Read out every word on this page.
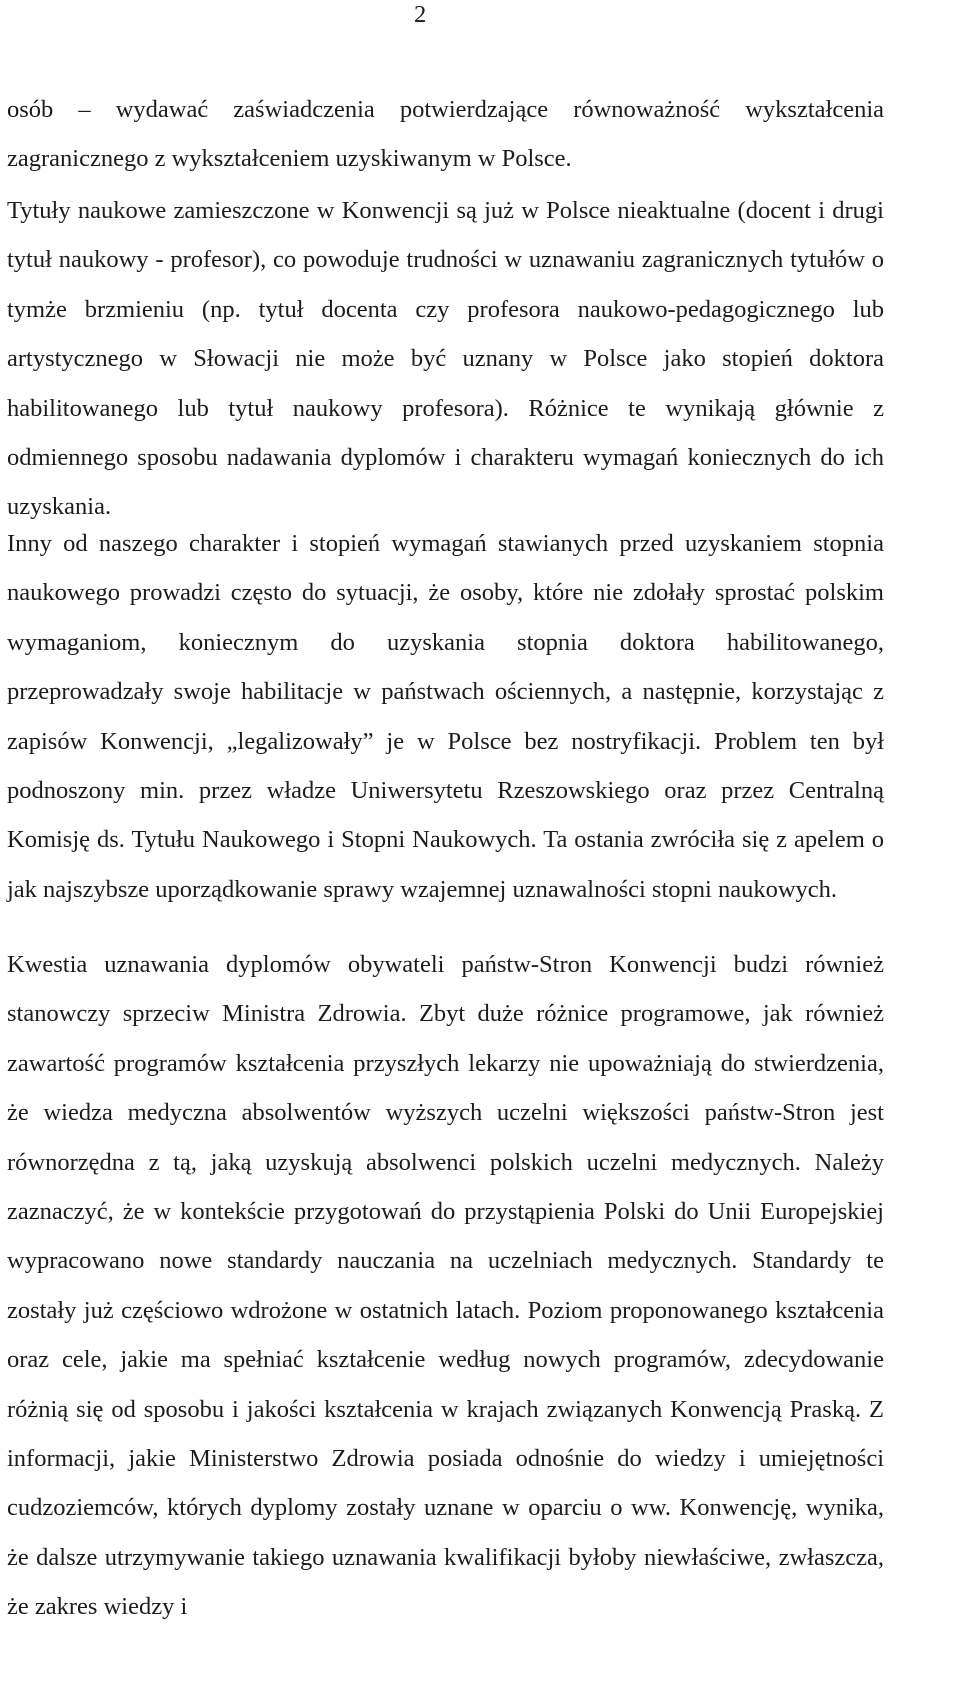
2

osób – wydawać zaświadczenia potwierdzające równoważność wykształcenia zagranicznego z wykształceniem uzyskiwanym w Polsce.

Tytuły naukowe zamieszczone w Konwencji są już w Polsce nieaktualne (docent i drugi tytuł naukowy - profesor), co powoduje trudności w uznawaniu zagranicznych tytułów o tymże brzmieniu (np. tytuł docenta czy profesora naukowo-pedagogicznego lub artystycznego w Słowacji nie może być uznany w Polsce jako stopień doktora habilitowanego lub tytuł naukowy profesora). Różnice te wynikają głównie z odmiennego sposobu nadawania dyplomów i charakteru wymagań koniecznych do ich uzyskania.

Inny od naszego charakter i stopień wymagań stawianych przed uzyskaniem stopnia naukowego prowadzi często do sytuacji, że osoby, które nie zdołały sprostać polskim wymaganiom, koniecznym do uzyskania stopnia doktora habilitowanego, przeprowadzały swoje habilitacje w państwach ościennych, a następnie, korzystając z zapisów Konwencji, „legalizowały” je w Polsce bez nostryfikacji. Problem ten był podnoszony min. przez władze Uniwersytetu Rzeszowskiego oraz przez Centralną Komisję ds. Tytułu Naukowego i Stopni Naukowych. Ta ostania zwróciła się z apelem o jak najszybsze uporządkowanie sprawy wzajemnej uznawalności stopni naukowych.

Kwestia uznawania dyplomów obywateli państw-Stron Konwencji budzi również stanowczy sprzeciw Ministra Zdrowia. Zbyt duże różnice programowe, jak również zawartość programów kształcenia przyszłych lekarzy nie upoważniają do stwierdzenia, że wiedza medyczna absolwentów wyższych uczelni większości państw-Stron jest równorzędna z tą, jaką uzyskują absolwenci polskich uczelni medycznych. Należy zaznaczyć, że w kontekście przygotowań do przystąpienia Polski do Unii Europejskiej wypracowano nowe standardy nauczania na uczelniach medycznych. Standardy te zostały już częściowo wdrożone w ostatnich latach. Poziom proponowanego kształcenia oraz cele, jakie ma spełniać kształcenie według nowych programów, zdecydowanie różnią się od sposobu i jakości kształcenia w krajach związanych Konwencją Praską. Z informacji, jakie Ministerstwo Zdrowia posiada odnośnie do wiedzy i umiejętności cudzoziemców, których dyplomy zostały uznane w oparciu o ww. Konwencję, wynika, że dalsze utrzymywanie takiego uznawania kwalifikacji byłoby niewłaściwe, zwłaszcza, że zakres wiedzy i
